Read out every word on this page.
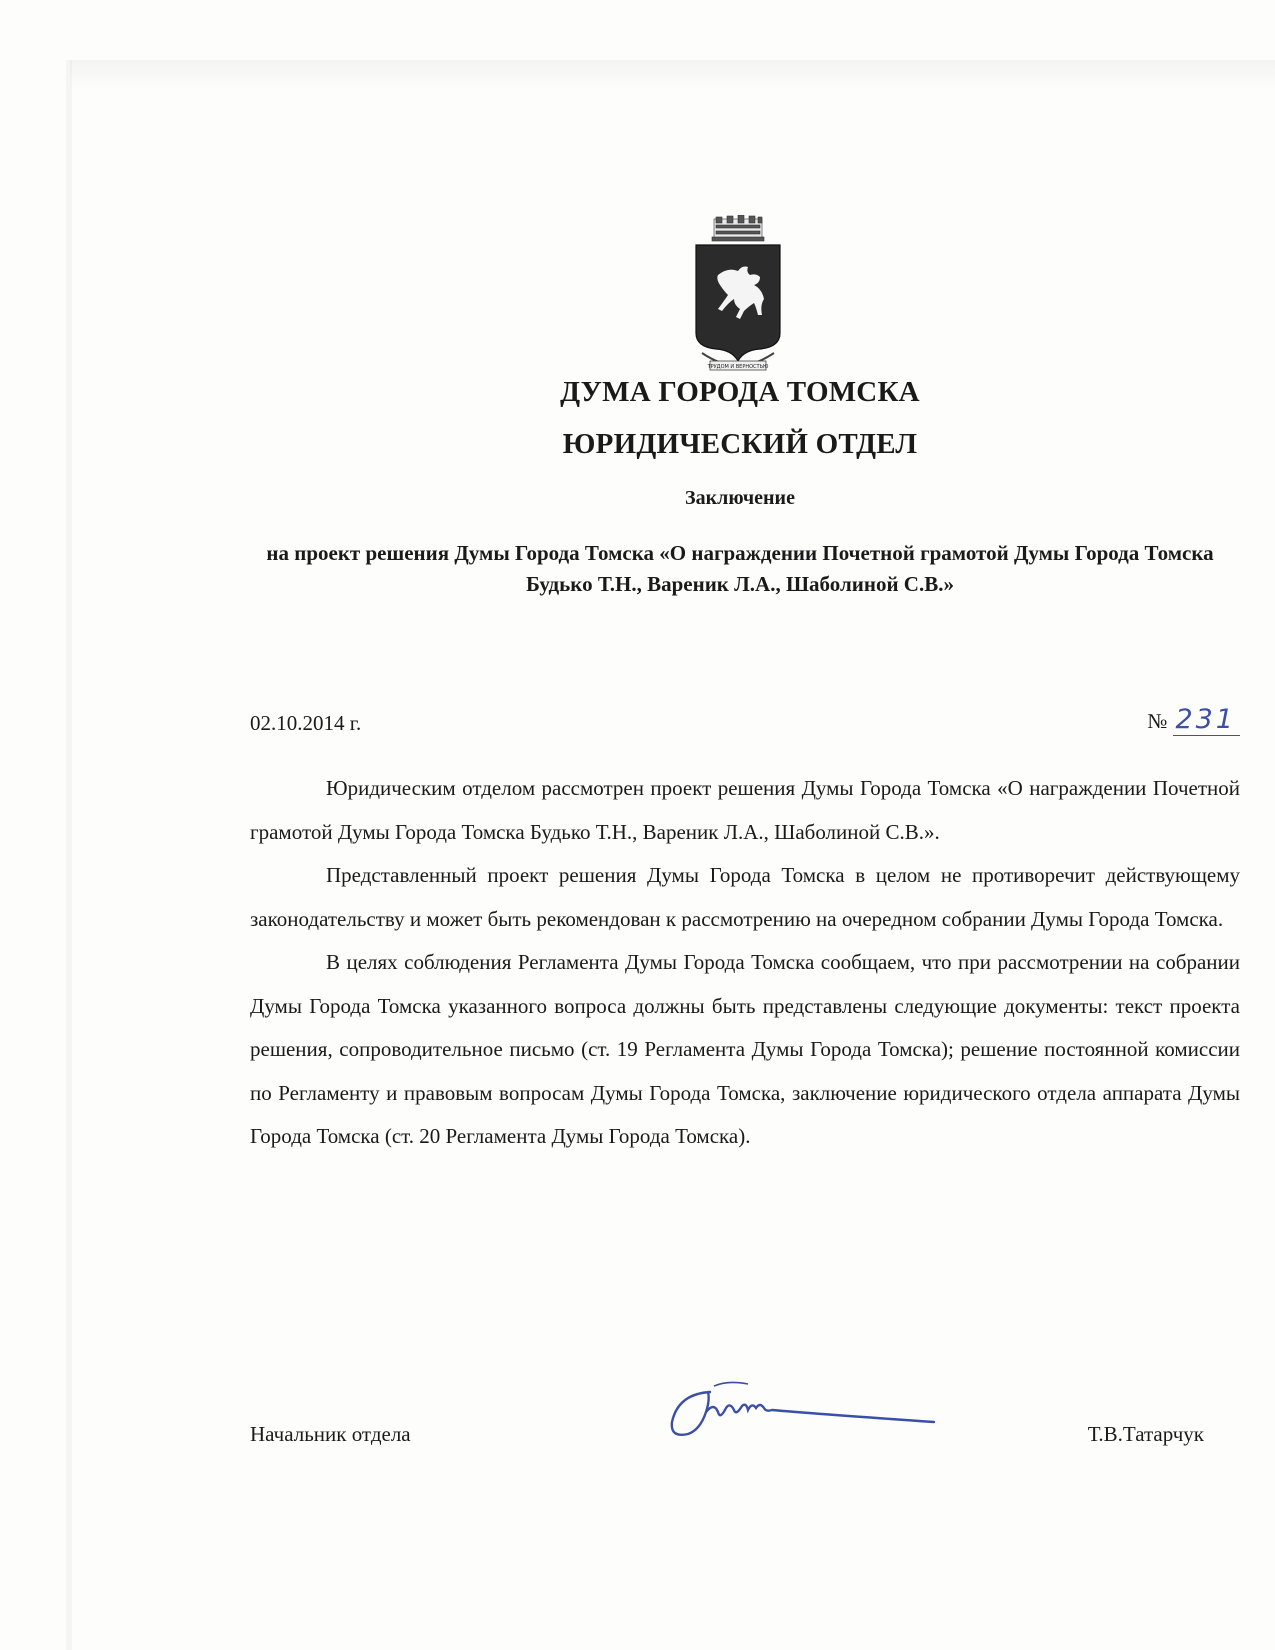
ТРУДОМ И ВЕРНОСТЬЮ
ДУМА ГОРОДА ТОМСКА
ЮРИДИЧЕСКИЙ ОТДЕЛ
Заключение
на проект решения Думы Города Томска «О награждении Почетной грамотой Думы Города Томска Будько Т.Н., Вареник Л.А., Шаболиной С.В.»
02.10.2014 г.	№ 231

Юридическим отделом рассмотрен проект решения Думы Города Томска «О награждении Почетной грамотой Думы Города Томска Будько Т.Н., Вареник Л.А., Шаболиной С.В.».

Представленный проект решения Думы Города Томска в целом не противоречит действующему законодательству и может быть рекомендован к рассмотрению на очередном собрании Думы Города Томска.

В целях соблюдения Регламента Думы Города Томска сообщаем, что при рассмотрении на собрании Думы Города Томска указанного вопроса должны быть представлены следующие документы: текст проекта решения, сопроводительное письмо (ст. 19 Регламента Думы Города Томска); решение постоянной комиссии по Регламенту и правовым вопросам Думы Города Томска, заключение юридического отдела аппарата Думы Города Томска (ст. 20 Регламента Думы Города Томска).

Начальник отдела	Т.В.Татарчук
